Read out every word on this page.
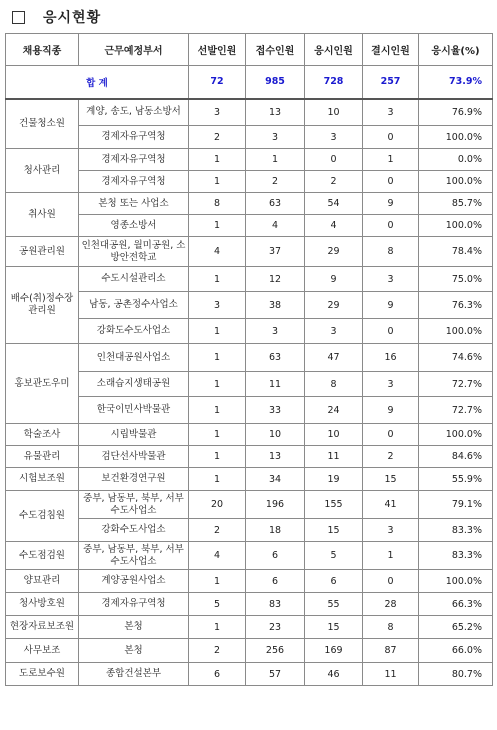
응시현황
채용직종	근무예정부서	선발인원	접수인원	응시인원	결시인원	응시율(%)
합 계		72	985	728	257	73.9%
건물청소원	계양, 송도, 남동소방서	3	13	10	3	76.9%
	경제자유구역청	2	3	3	0	100.0%
청사관리	경제자유구역청	1	1	0	1	0.0%
	경제자유구역청	1	2	2	0	100.0%
취사원	본청 또는 사업소	8	63	54	9	85.7%
	영종소방서	1	4	4	0	100.0%
공원관리원	인천대공원, 월미공원, 소방안전학교	4	37	29	8	78.4%
배수(취)정수장 관리원	수도시설관리소	1	12	9	3	75.0%
	남동, 공촌정수사업소	3	38	29	9	76.3%
	강화도수도사업소	1	3	3	0	100.0%
홍보관도우미	인천대공원사업소	1	63	47	16	74.6%
	소래습지생태공원	1	11	8	3	72.7%
	한국이민사박물관	1	33	24	9	72.7%
학술조사	시립박물관	1	10	10	0	100.0%
유물관리	검단선사박물관	1	13	11	2	84.6%
시험보조원	보건환경연구원	1	34	19	15	55.9%
수도검침원	중부, 남동부, 북부, 서부수도사업소	20	196	155	41	79.1%
	강화수도사업소	2	18	15	3	83.3%
수도점검원	중부, 남동부, 북부, 서부수도사업소	4	6	5	1	83.3%
양묘관리	계양공원사업소	1	6	6	0	100.0%
청사방호원	경제자유구역청	5	83	55	28	66.3%
현장자료보조원	본청	1	23	15	8	65.2%
사무보조	본청	2	256	169	87	66.0%
도로보수원	종합건설본부	6	57	46	11	80.7%
